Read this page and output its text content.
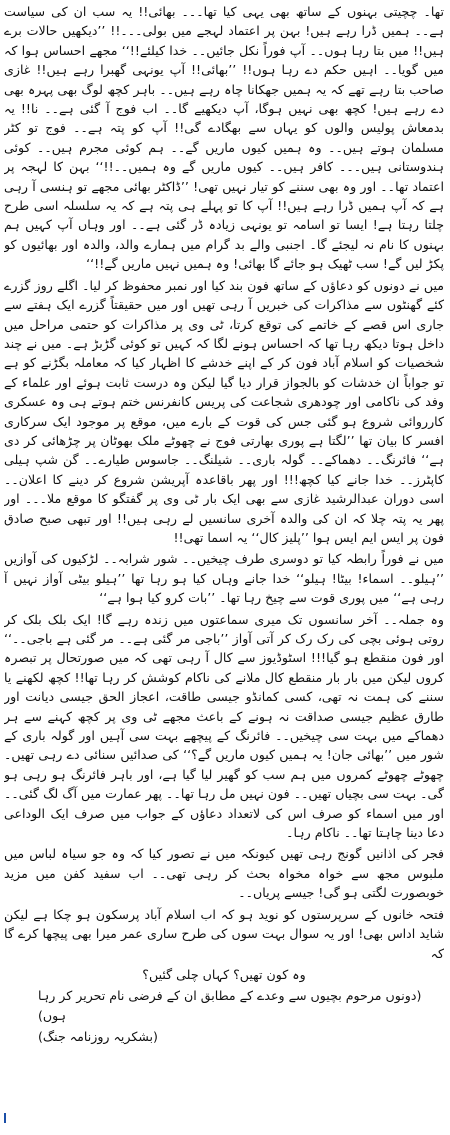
تھا۔ چچیتی بہنوں کے ساتھ بھی یہی کیا تھا۔۔۔ بھائی!! یہ سب ان کی سیاست ہے۔۔ ہمیں ڈرا رہے ہیں! بہن پر اعتماد لہجے میں بولی۔۔۔!! ’’دیکھیں حالات برے ہیں!! میں بتا رہا ہوں۔۔ آپ فوراً نکل جائیں۔۔ خدا کیلئے!!‘‘ مجھے احساس ہوا کہ میں گویا۔۔ اہیں حکم دے رہا ہوں!! ’’بھائی!! آپ یونہی گھبرا رہے ہیں!! غازی صاحب بتا رہے تھے کہ یہ ہمیں جھکانا چاہ رہے ہیں۔۔ باہر کچھ لوگ بھی پہرہ بھی دے رہے ہیں! کچھ بھی نہیں ہوگا، آپ دیکھیے گا۔۔ اب فوج آ گئی ہے۔۔ نا!! یہ بدمعاش پولیس والوں کو یہاں سے بھگادے گی!! آپ کو پتہ ہے۔۔ فوج تو کٹر مسلمان ہوتے ہیں۔۔ وہ ہمیں کیوں ماریں گے۔۔ ہم کوئی مجرم ہیں۔۔ کوئی ہندوستانی ہیں۔۔۔ کافر ہیں۔۔ کیوں ماریں گے وہ ہمیں۔۔!!‘‘ بہن کا لہجہ پر اعتماد تھا۔۔ اور وہ بھی سننے کو تیار نہیں تھی! ’’ڈاکٹر بھائی مجھے تو ہنسی آ رہی ہے کہ آپ ہمیں ڈرا رہے ہیں!! آپ کا تو پہلے ہی پتہ ہے کہ یہ سلسلہ اسی طرح چلتا رہتا ہے! ایسا تو اسامہ تو یونہی زیادہ ڈر گئی ہے۔۔ اور وہاں آپ کہیں ہم بہنوں کا نام نہ لیجئے گا۔ اجنبی والے بد گرام میں ہمارے والد، والدہ اور بھائیوں کو پکڑ لیں گے! سب ٹھیک ہو جائے گا بھائی! وہ ہمیں نہیں ماریں گے!!‘‘

میں نے دونوں کو دعاؤں کے ساتھ فون بند کیا اور نمبر محفوظ کر لیا۔ اگلے روز گزرے کئے گھنٹوں سے مذاکرات کی خبریں آ رہی تھیں اور میں حقیقتاً گزرے ایک ہفتے سے جاری اس قصے کے خاتمے کی توقع کرتا، ٹی وی پر مذاکرات کو حتمی مراحل میں داخل ہوتا دیکھ رہا تھا کہ احساس ہونے لگا کہ کہیں تو کوئی گڑبڑ ہے۔ میں نے چند شخصیات کو اسلام آباد فون کر کے اپنے خدشے کا اظہار کیا کہ معاملہ بگڑنے کو ہے تو جواباً ان خدشات کو بالجواز قرار دیا گیا لیکن وہ درست ثابت ہوئے اور علماء کے وفد کی ناکامی اور چودھری شجاعت کی پریس کانفرنس ختم ہوتے ہی وہ عسکری کارروائی شروع ہو گئی جس کی قوت کے بارے میں، موقع پر موجود ایک سرکاری افسر کا بیان تھا ’’لگتا ہے پوری بھارتی فوج نے چھوٹے ملک بھوٹان پر چڑھائی کر دی ہے‘‘ فائرنگ۔۔ دھماکے۔۔ گولہ باری۔۔ شیلنگ۔۔ جاسوس طیارے۔۔ گن شپ ہیلی کاپٹرز۔۔ خدا جانے کیا کچھ!!! اور پھر باقاعدہ آپریشن شروع کر دینے کا اعلان۔۔ اسی دوران عبدالرشید غازی سے بھی ایک بار ٹی وی پر گفتگو کا موقع ملا۔۔۔ اور پھر یہ پتہ چلا کہ ان کی والدہ آخری سانسیں لے رہی ہیں!! اور تبھی صبح صادق فون پر ایس ایم ایس ہوا ’’پلیز کال‘‘ یہ اسما تھی!!

میں نے فوراً رابطہ کیا تو دوسری طرف چیخیں۔۔ شور شرابہ۔۔ لڑکیوں کی آوازیں ’’ہیلو۔۔ اسماء! بیٹا! ہیلو‘‘ خدا جانے وہاں کیا ہو رہا تھا ’’ہیلو بیٹی آواز نہیں آ رہی ہے‘‘ میں پوری قوت سے چیخ رہا تھا۔ ’’بات کرو کیا ہوا ہے‘‘

وہ جملہ۔۔ آخر سانسوں تک میری سماعتوں میں زندہ رہے گا! ایک بلک بلک کر روتی ہوئی بچی کی رک رک کر آتی آواز ’’باجی مر گئی ہے۔۔ مر گئی ہے باجی۔۔‘‘ اور فون منقطع ہو گیا!!! اسٹوڈیوز سے کال آ رہی تھی کہ میں صورتحال پر تبصرہ کروں لیکن میں بار بار منقطع کال ملانے کی ناکام کوشش کر رہا تھا!! کچھ لکھنے یا سننے کی ہمت نہ تھی، کسی کمانڈو جیسی طاقت، اعجاز الحق جیسی دیانت اور طارق عظیم جیسی صداقت نہ ہونے کے باعث مجھے ٹی وی پر کچھ کہنے سے ہر دھماکے میں بہت سی چیخیں۔۔ فائرنگ کے پیچھے بہت سی آہیں اور گولہ باری کے شور میں ’’بھائی جان! یہ ہمیں کیوں ماریں گے؟‘‘ کی صدائیں سنائی دے رہی تھیں۔ چھوٹے چھوٹے کمروں میں ہم سب کو گھیر لیا گیا ہے، اور باہر فائرنگ ہو رہی ہو گی۔ بہت سی بچیاں تھیں۔۔ فون نہیں مل رہا تھا۔۔ پھر عمارت میں آگ لگ گئی۔۔ اور میں اسماء کو صرف اس کی لاتعداد دعاؤں کے جواب میں صرف ایک الوداعی دعا دینا چاہتا تھا۔۔ ناکام رہا۔

فجر کی اذانیں گونج رہی تھیں کیونکہ میں نے تصور کیا کہ وہ جو سیاہ لباس میں ملبوس مجھ سے خواہ مخواہ بحث کر رہی تھی۔۔ اب سفید کفن میں مزید خوبصورت لگتی ہو گی! جیسے پریاں۔۔

فتحہ خانوں کے سرپرستوں کو نوید ہو کہ اب اسلام آباد پرسکون ہو چکا ہے لیکن شاید اداس بھی! اور یہ سوال بہت سوں کی طرح ساری عمر میرا بھی پیچھا کرے گا کہ

وہ کون تھیں؟ کہاں چلی گئیں؟

(دونوں مرحوم بچیوں سے وعدے کے مطابق ان کے فرضی نام تحریر کر رہا ہوں)

(بشکریہ روزنامہ جنگ)
